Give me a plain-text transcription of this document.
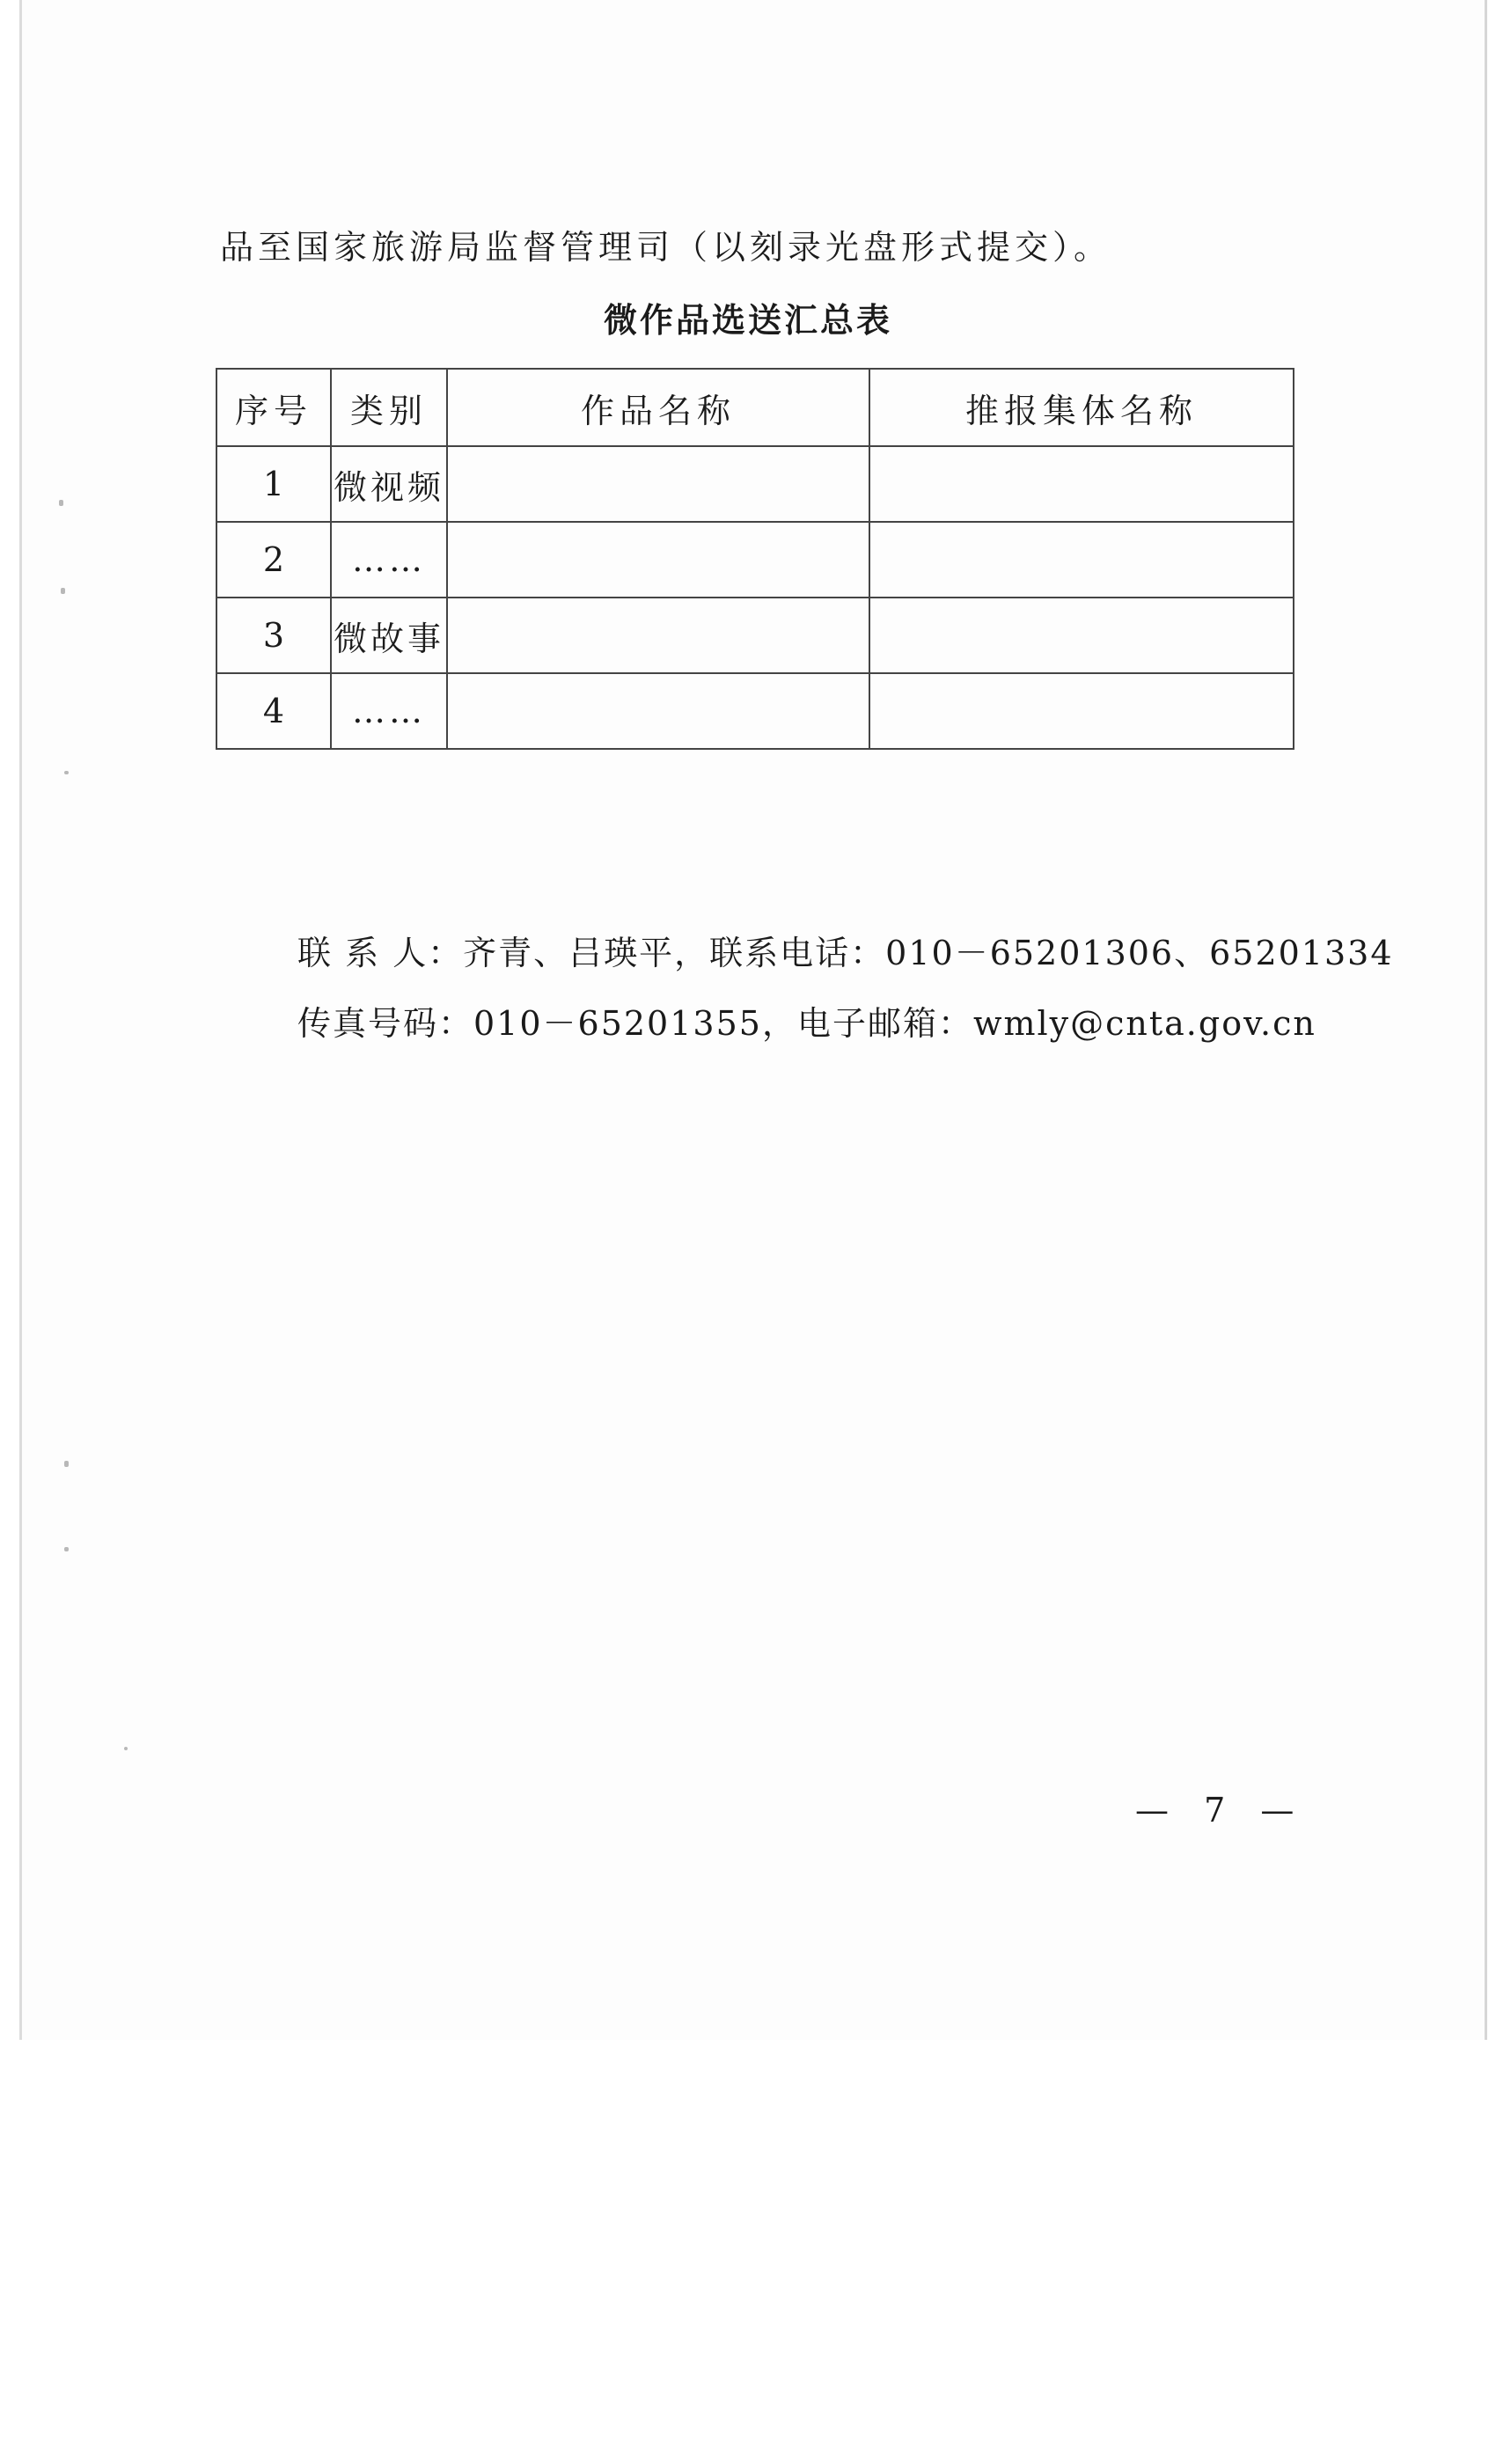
品至国家旅游局监督管理司（以刻录光盘形式提交）。
微作品选送汇总表
序号	类别	作品名称	推报集体名称
1	微视频		
2	……		
3	微故事		
4	……		
联 系 人：齐青、吕瑛平，联系电话：010－65201306、65201334
传真号码：010－65201355，电子邮箱：wmly@cnta.gov.cn
— 7 —
